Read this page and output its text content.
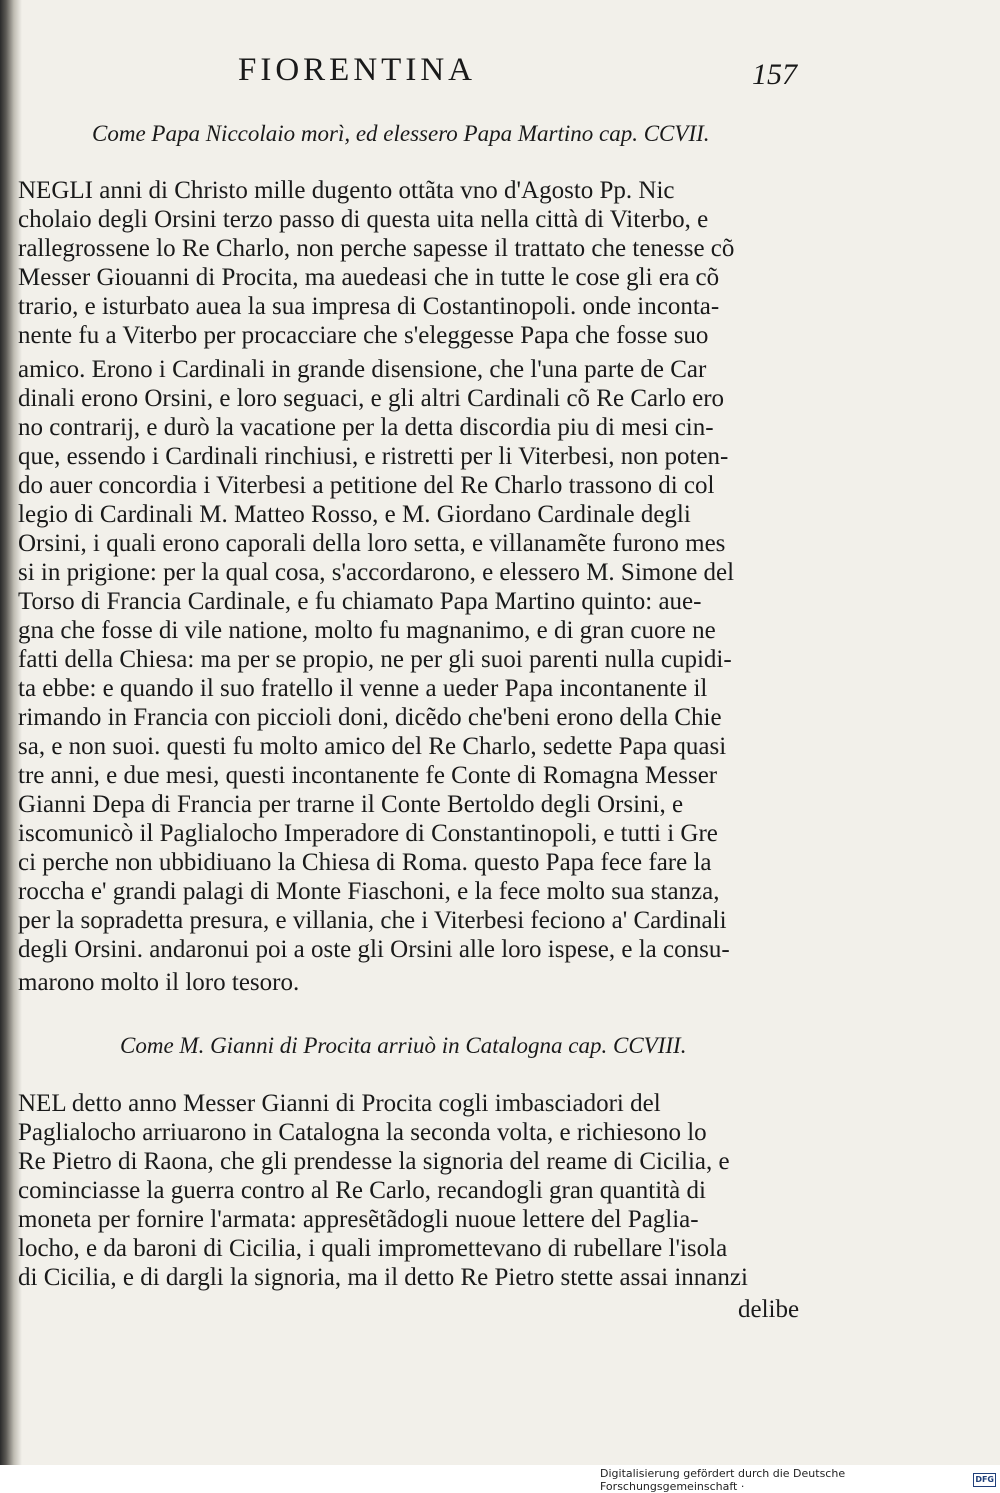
FIORENTINA	157
Come Papa Niccolaio morì, ed elessero Papa Martino cap. CCVII.
NEGLI anni di Christo mille dugento ottãta vno d'Agosto Pp. Nic
cholaio degli Orsini terzo passo di questa uita nella città di Viterbo, e
rallegrossene lo Re Charlo, non perche sapesse il trattato che tenesse cõ
Messer Giouanni di Procita, ma auedeasi che in tutte le cose gli era cõ
trario, e isturbato auea la sua impresa di Costantinopoli. onde inconta-
nente fu a Viterbo per procacciare che s'eleggesse Papa che fosse suo
amico. Erono i Cardinali in grande disensione, che l'una parte de Car
dinali erono Orsini, e loro seguaci, e gli altri Cardinali cõ Re Carlo ero
no contrarij, e durò la vacatione per la detta discordia piu di mesi cin-
que, essendo i Cardinali rinchiusi, e ristretti per li Viterbesi, non poten-
do auer concordia i Viterbesi a petitione del Re Charlo trassono di col
legio di Cardinali M. Matteo Rosso, e M. Giordano Cardinale degli
Orsini, i quali erono caporali della loro setta, e villanamẽte furono mes
si in prigione: per la qual cosa, s'accordarono, e elessero M. Simone del
Torso di Francia Cardinale, e fu chiamato Papa Martino quinto: aue-
gna che fosse di vile natione, molto fu magnanimo, e di gran cuore ne
fatti della Chiesa: ma per se propio, ne per gli suoi parenti nulla cupidi-
ta ebbe: e quando il suo fratello il venne a ueder Papa incontanente il
rimando in Francia con piccioli doni, dicẽdo che'beni erono della Chie
sa, e non suoi. questi fu molto amico del Re Charlo, sedette Papa quasi
tre anni, e due mesi, questi incontanente fe Conte di Romagna Messer
Gianni Depa di Francia per trarne il Conte Bertoldo degli Orsini, e
iscomunicò il Paglialocho Imperadore di Constantinopoli, e tutti i Gre
ci perche non ubbidiuano la Chiesa di Roma. questo Papa fece fare la
roccha e' grandi palagi di Monte Fiaschoni, e la fece molto sua stanza,
per la sopradetta presura, e villania, che i Viterbesi feciono a' Cardinali
degli Orsini. andaronui poi a oste gli Orsini alle loro ispese, e la consu-
marono molto il loro tesoro.
Come M. Gianni di Procita arriuò in Catalogna cap. CCVIII.
NEL detto anno Messer Gianni di Procita cogli imbasciadori del
Paglialocho arriuarono in Catalogna la seconda volta, e richiesono lo
Re Pietro di Raona, che gli prendesse la signoria del reame di Cicilia, e
cominciasse la guerra contro al Re Carlo, recandogli gran quantità di
moneta per fornire l'armata: appresẽtãdogli nuoue lettere del Paglia-
locho, e da baroni di Cicilia, i quali impromettevano di rubellare l'isola
di Cicilia, e di dargli la signoria, ma il detto Re Pietro stette assai innanzi
delibe
Digitalisierung gefördert durch die Deutsche Forschungsgemeinschaft ·
DFG
